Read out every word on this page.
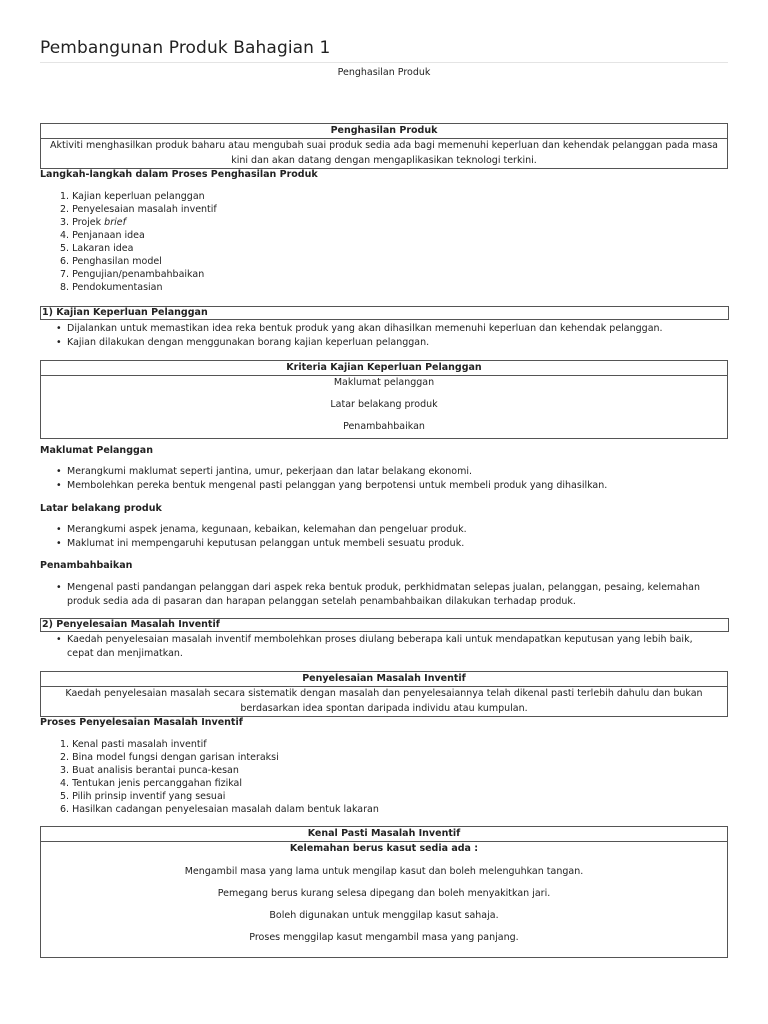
Pembangunan Produk Bahagian 1
Penghasilan Produk
Penghasilan Produk
Aktiviti menghasilkan produk baharu atau mengubah suai produk sedia ada bagi memenuhi keperluan dan kehendak pelanggan pada masa kini dan akan datang dengan mengaplikasikan teknologi terkini.
Langkah-langkah dalam Proses Penghasilan Produk
1. Kajian keperluan pelanggan
2. Penyelesaian masalah inventif
3. Projek brief
4. Penjanaan idea
5. Lakaran idea
6. Penghasilan model
7. Pengujian/penambahbaikan
8. Pendokumentasian
1) Kajian Keperluan Pelanggan
• Dijalankan untuk memastikan idea reka bentuk produk yang akan dihasilkan memenuhi keperluan dan kehendak pelanggan.
• Kajian dilakukan dengan menggunakan borang kajian keperluan pelanggan.
Kriteria Kajian Keperluan Pelanggan

Maklumat pelanggan

Latar belakang produk

Penambahbaikan

Maklumat Pelanggan
• Merangkumi maklumat seperti jantina, umur, pekerjaan dan latar belakang ekonomi.
• Membolehkan pereka bentuk mengenal pasti pelanggan yang berpotensi untuk membeli produk yang dihasilkan.
Latar belakang produk
• Merangkumi aspek jenama, kegunaan, kebaikan, kelemahan dan pengeluar produk.
• Maklumat ini mempengaruhi keputusan pelanggan untuk membeli sesuatu produk.
Penambahbaikan
• Mengenal pasti pandangan pelanggan dari aspek reka bentuk produk, perkhidmatan selepas jualan, pelanggan, pesaing, kelemahan produk sedia ada di pasaran dan harapan pelanggan setelah penambahbaikan dilakukan terhadap produk.
2) Penyelesaian Masalah Inventif
• Kaedah penyelesaian masalah inventif membolehkan proses diulang beberapa kali untuk mendapatkan keputusan yang lebih baik, cepat dan menjimatkan.
Penyelesaian Masalah Inventif
Kaedah penyelesaian masalah secara sistematik dengan masalah dan penyelesaiannya telah dikenal pasti terlebih dahulu dan bukan berdasarkan idea spontan daripada individu atau kumpulan.
Proses Penyelesaian Masalah Inventif
1. Kenal pasti masalah inventif
2. Bina model fungsi dengan garisan interaksi
3. Buat analisis berantai punca-kesan
4. Tentukan jenis percanggahan fizikal
5. Pilih prinsip inventif yang sesuai
6. Hasilkan cadangan penyelesaian masalah dalam bentuk lakaran
Kenal Pasti Masalah Inventif

Kelemahan berus kasut sedia ada :

Mengambil masa yang lama untuk mengilap kasut dan boleh melenguhkan tangan.

Pemegang berus kurang selesa dipegang dan boleh menyakitkan jari.

Boleh digunakan untuk menggilap kasut sahaja.

Proses menggilap kasut mengambil masa yang panjang.
